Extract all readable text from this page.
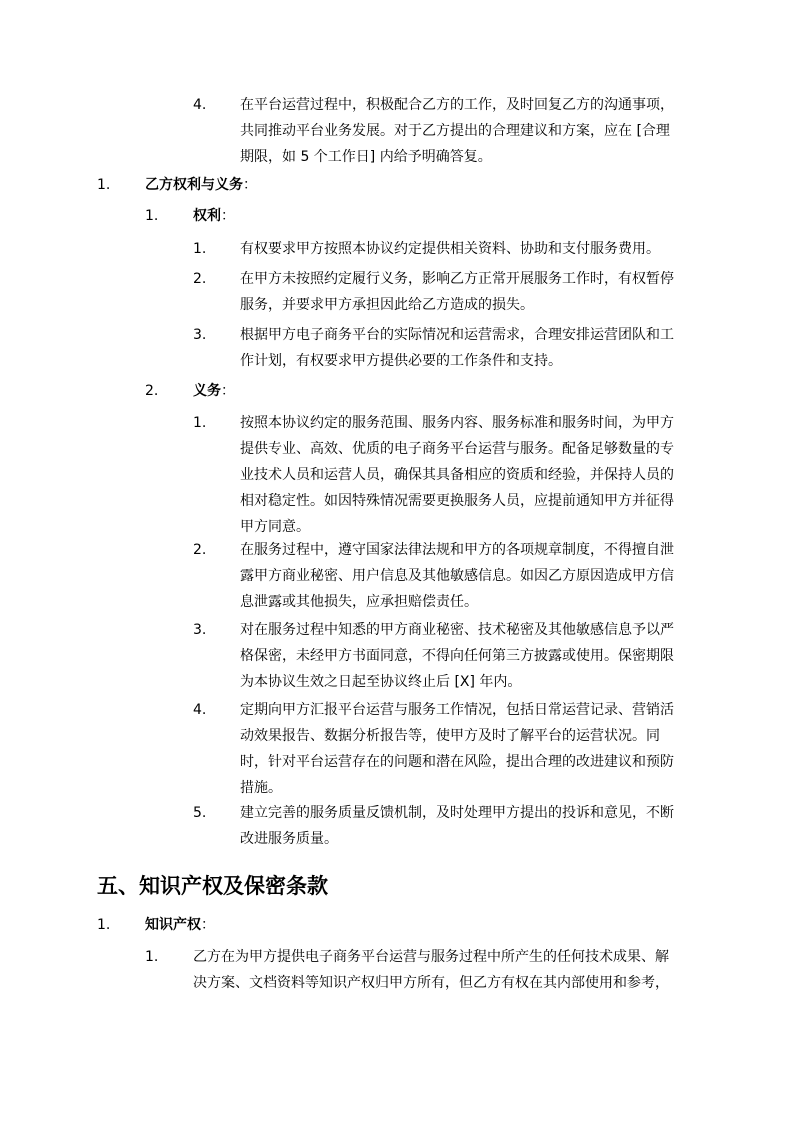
4. 在平台运营过程中，积极配合乙方的工作，及时回复乙方的沟通事项，
共同推动平台业务发展。对于乙方提出的合理建议和方案，应在 [合理
期限，如 5 个工作日] 内给予明确答复。
1. 乙方权利与义务：
1. 权利：
1. 有权要求甲方按照本协议约定提供相关资料、协助和支付服务费用。
2. 在甲方未按照约定履行义务，影响乙方正常开展服务工作时，有权暂停
服务，并要求甲方承担因此给乙方造成的损失。
3. 根据甲方电子商务平台的实际情况和运营需求，合理安排运营团队和工
作计划，有权要求甲方提供必要的工作条件和支持。
2. 义务：
1. 按照本协议约定的服务范围、服务内容、服务标准和服务时间，为甲方
提供专业、高效、优质的电子商务平台运营与服务。配备足够数量的专
业技术人员和运营人员，确保其具备相应的资质和经验，并保持人员的
相对稳定性。如因特殊情况需要更换服务人员，应提前通知甲方并征得
甲方同意。
2. 在服务过程中，遵守国家法律法规和甲方的各项规章制度，不得擅自泄
露甲方商业秘密、用户信息及其他敏感信息。如因乙方原因造成甲方信
息泄露或其他损失，应承担赔偿责任。
3. 对在服务过程中知悉的甲方商业秘密、技术秘密及其他敏感信息予以严
格保密，未经甲方书面同意，不得向任何第三方披露或使用。保密期限
为本协议生效之日起至协议终止后 [X] 年内。
4. 定期向甲方汇报平台运营与服务工作情况，包括日常运营记录、营销活
动效果报告、数据分析报告等，使甲方及时了解平台的运营状况。同
时，针对平台运营存在的问题和潜在风险，提出合理的改进建议和预防
措施。
5. 建立完善的服务质量反馈机制，及时处理甲方提出的投诉和意见，不断
改进服务质量。
五、知识产权及保密条款
1. 知识产权：
1. 乙方在为甲方提供电子商务平台运营与服务过程中所产生的任何技术成果、解
决方案、文档资料等知识产权归甲方所有，但乙方有权在其内部使用和参考，
